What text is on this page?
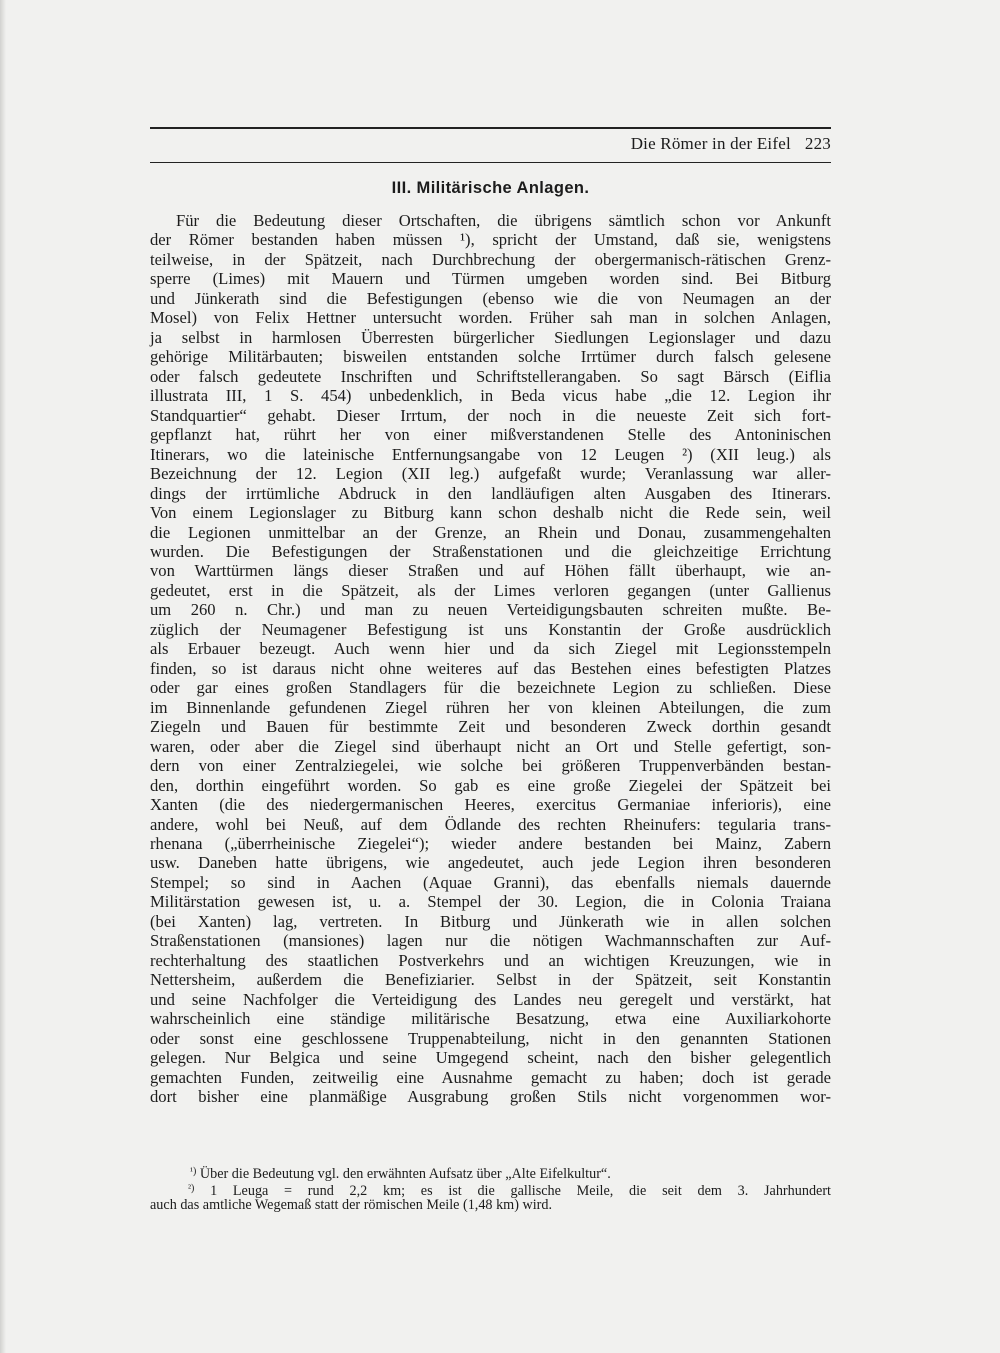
Die Römer in der Eifel 223
III. Militärische Anlagen.
Für die Bedeutung dieser Ortschaften, die übrigens sämtlich schon vor Ankunft
der Römer bestanden haben müssen ¹), spricht der Umstand, daß sie, wenigstens
teilweise, in der Spätzeit, nach Durchbrechung der obergermanisch-rätischen Grenz-
sperre (Limes) mit Mauern und Türmen umgeben worden sind. Bei Bitburg
und Jünkerath sind die Befestigungen (ebenso wie die von Neumagen an der
Mosel) von Felix Hettner untersucht worden. Früher sah man in solchen Anlagen,
ja selbst in harmlosen Überresten bürgerlicher Siedlungen Legionslager und dazu
gehörige Militärbauten; bisweilen entstanden solche Irrtümer durch falsch gelesene
oder falsch gedeutete Inschriften und Schriftstellerangaben. So sagt Bärsch (Eiflia
illustrata III, 1 S. 454) unbedenklich, in Beda vicus habe „die 12. Legion ihr
Standquartier“ gehabt. Dieser Irrtum, der noch in die neueste Zeit sich fort-
gepflanzt hat, rührt her von einer mißverstandenen Stelle des Antoninischen
Itinerars, wo die lateinische Entfernungsangabe von 12 Leugen ²) (XII leug.) als
Bezeichnung der 12. Legion (XII leg.) aufgefaßt wurde; Veranlassung war aller-
dings der irrtümliche Abdruck in den landläufigen alten Ausgaben des Itinerars.
Von einem Legionslager zu Bitburg kann schon deshalb nicht die Rede sein, weil
die Legionen unmittelbar an der Grenze, an Rhein und Donau, zusammengehalten
wurden. Die Befestigungen der Straßenstationen und die gleichzeitige Errichtung
von Warttürmen längs dieser Straßen und auf Höhen fällt überhaupt, wie an-
gedeutet, erst in die Spätzeit, als der Limes verloren gegangen (unter Gallienus
um 260 n. Chr.) und man zu neuen Verteidigungsbauten schreiten mußte. Be-
züglich der Neumagener Befestigung ist uns Konstantin der Große ausdrücklich
als Erbauer bezeugt. Auch wenn hier und da sich Ziegel mit Legionsstempeln
finden, so ist daraus nicht ohne weiteres auf das Bestehen eines befestigten Platzes
oder gar eines großen Standlagers für die bezeichnete Legion zu schließen. Diese
im Binnenlande gefundenen Ziegel rühren her von kleinen Abteilungen, die zum
Ziegeln und Bauen für bestimmte Zeit und besonderen Zweck dorthin gesandt
waren, oder aber die Ziegel sind überhaupt nicht an Ort und Stelle gefertigt, son-
dern von einer Zentralziegelei, wie solche bei größeren Truppenverbänden bestan-
den, dorthin eingeführt worden. So gab es eine große Ziegelei der Spätzeit bei
Xanten (die des niedergermanischen Heeres, exercitus Germaniae inferioris), eine
andere, wohl bei Neuß, auf dem Ödlande des rechten Rheinufers: tegularia trans-
rhenana („überrheinische Ziegelei“); wieder andere bestanden bei Mainz, Zabern
usw. Daneben hatte übrigens, wie angedeutet, auch jede Legion ihren besonderen
Stempel; so sind in Aachen (Aquae Granni), das ebenfalls niemals dauernde
Militärstation gewesen ist, u. a. Stempel der 30. Legion, die in Colonia Traiana
(bei Xanten) lag, vertreten. In Bitburg und Jünkerath wie in allen solchen
Straßenstationen (mansiones) lagen nur die nötigen Wachmannschaften zur Auf-
rechterhaltung des staatlichen Postverkehrs und an wichtigen Kreuzungen, wie in
Nettersheim, außerdem die Benefiziarier. Selbst in der Spätzeit, seit Konstantin
und seine Nachfolger die Verteidigung des Landes neu geregelt und verstärkt, hat
wahrscheinlich eine ständige militärische Besatzung, etwa eine Auxiliarkohorte
oder sonst eine geschlossene Truppenabteilung, nicht in den genannten Stationen
gelegen. Nur Belgica und seine Umgegend scheint, nach den bisher gelegentlich
gemachten Funden, zeitweilig eine Ausnahme gemacht zu haben; doch ist gerade
dort bisher eine planmäßige Ausgrabung großen Stils nicht vorgenommen wor-
$^{^1)}$ Über die Bedeutung vgl. den erwähnten Aufsatz über „Alte Eifelkultur“.
$^{^2)}$ 1 Leuga = rund 2,2 km; es ist die gallische Meile, die seit dem 3. Jahrhundert
auch das amtliche Wegemaß statt der römischen Meile (1,48 km) wird.
